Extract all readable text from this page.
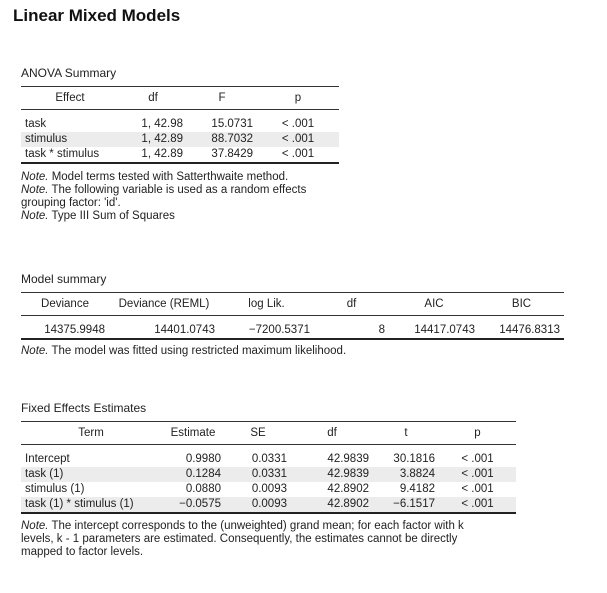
Linear Mixed Models
ANOVA Summary
Effect	df	F	p

task	1, 42.98	15.0731	< .001
stimulus	1, 42.89	88.7032	< .001
task * stimulus	1, 42.89	37.8429	< .001
Note. Model terms tested with Satterthwaite method.
Note. The following variable is used as a random effects grouping factor: 'id'.
Note. Type III Sum of Squares
Model summary
Deviance	Deviance (REML)	log Lik.	df	AIC	BIC

14375.9948	14401.0743	−7200.5371	8	14417.0743	14476.8313
Note. The model was fitted using restricted maximum likelihood.
Fixed Effects Estimates
Term	Estimate	SE	df	t	p

Intercept	0.9980	0.0331	42.9839	30.1816	< .001
task (1)	0.1284	0.0331	42.9839	3.8824	< .001
stimulus (1)	0.0880	0.0093	42.8902	9.4182	< .001
task (1) * stimulus (1)	−0.0575	0.0093	42.8902	−6.1517	< .001
Note. The intercept corresponds to the (unweighted) grand mean; for each factor with k levels, k - 1 parameters are estimated. Consequently, the estimates cannot be directly mapped to factor levels.
